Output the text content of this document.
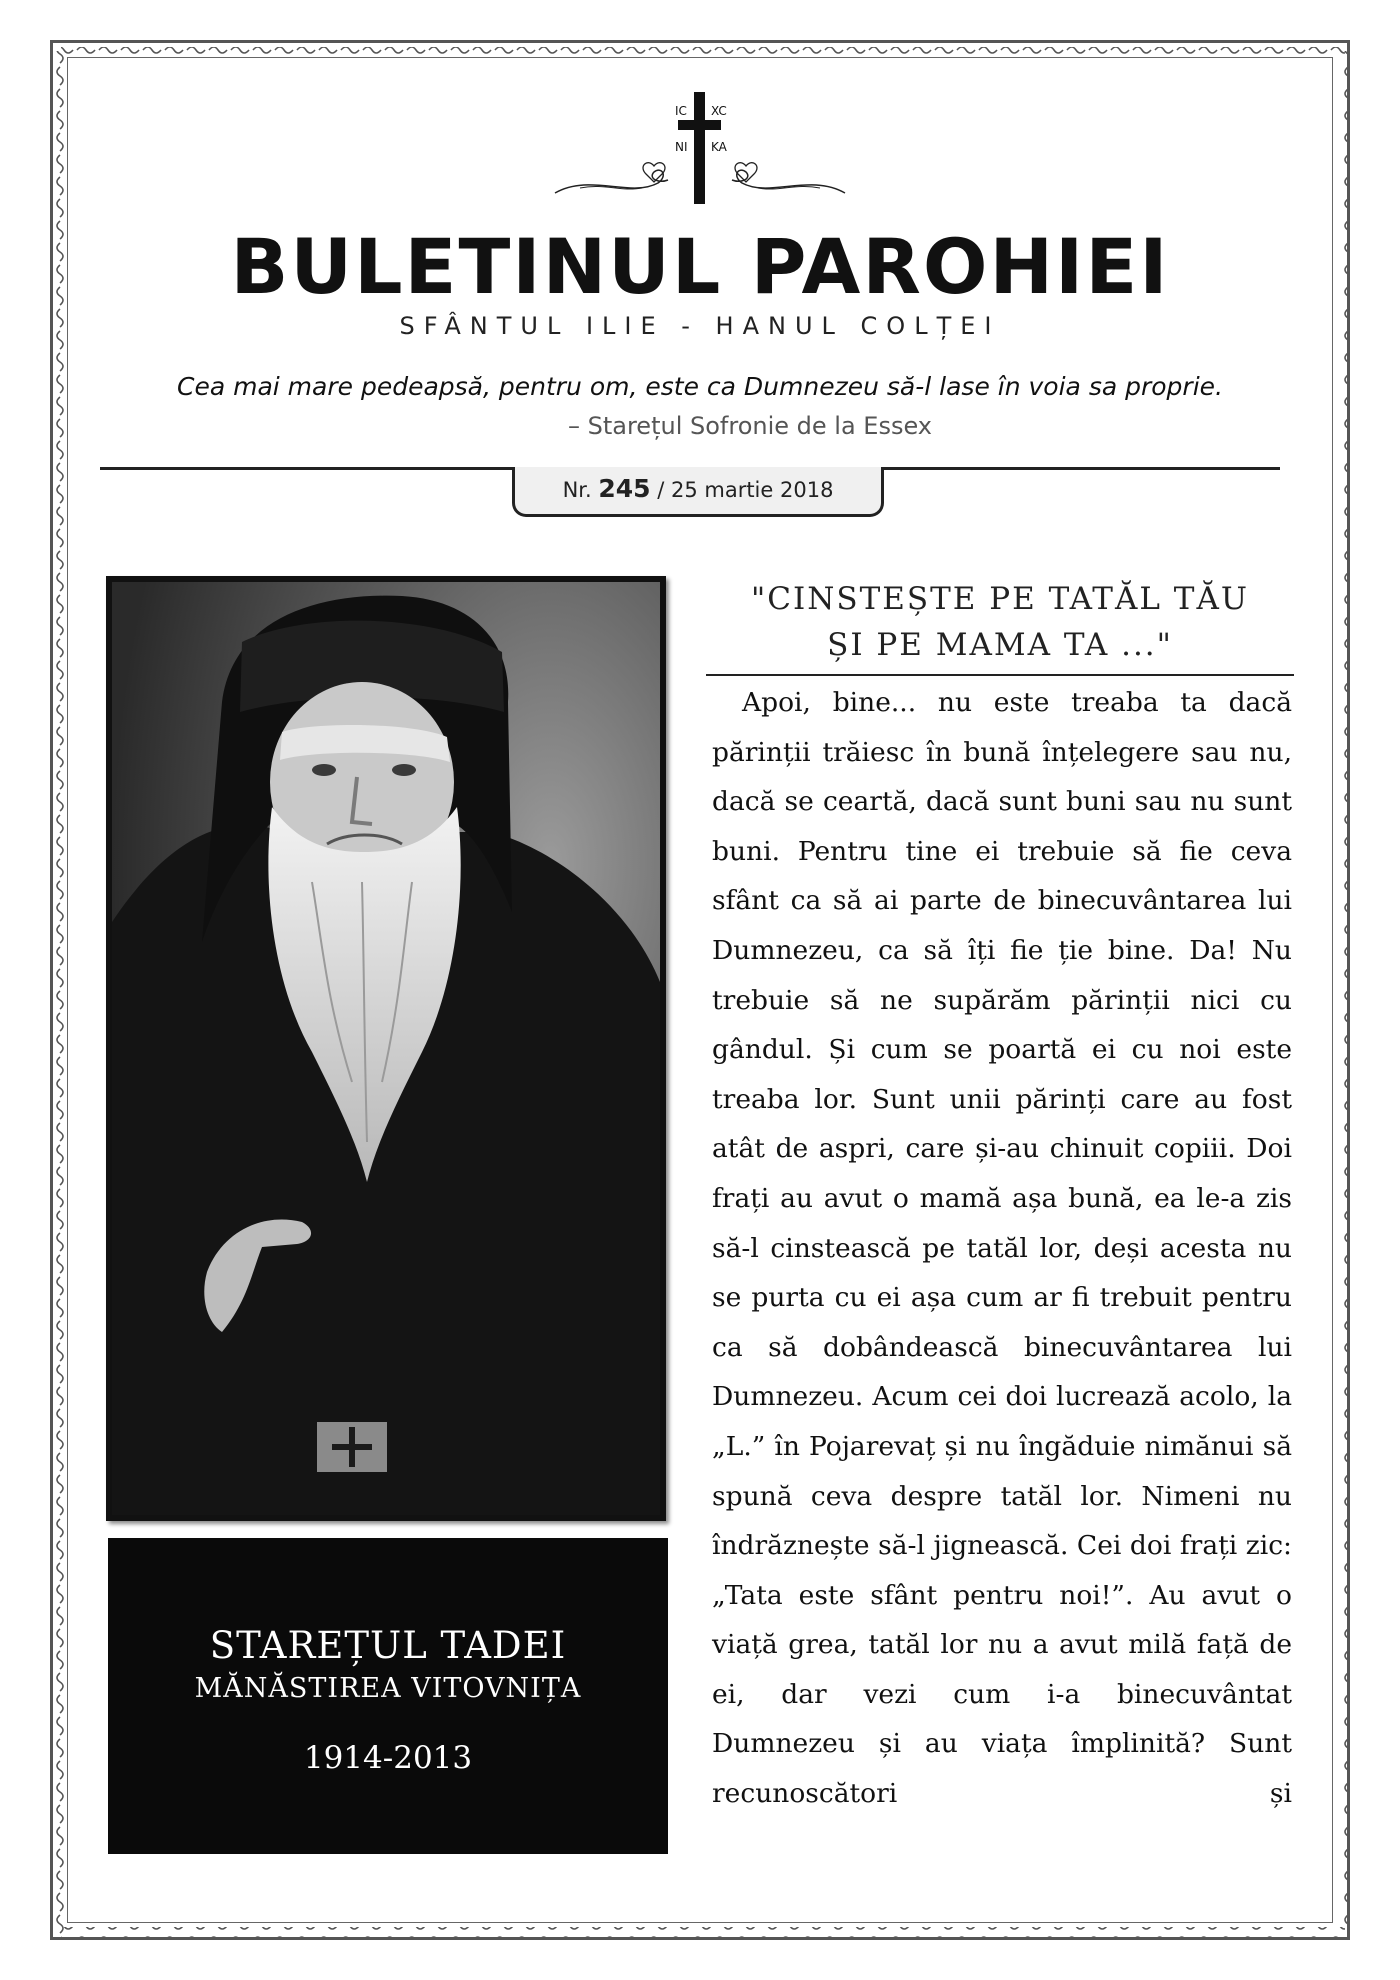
IC XC
NI KA
BULETINUL PAROHIEI
SFÂNTUL ILIE - HANUL COLȚEI
Cea mai mare pedeapsă, pentru om, este ca Dumnezeu să-l lase în voia sa proprie.
– Starețul Sofronie de la Essex
Nr. 245 / 25 martie 2018
STAREȚUL TADEI
MĂNĂSTIREA VITOVNIȚA
1914-2013
"CINSTEȘTE PE TATĂL TĂU
ȘI PE MAMA TA ..."

Apoi, bine... nu este treaba ta dacă părinții trăiesc în bună înțelegere sau nu, dacă se ceartă, dacă sunt buni sau nu sunt buni. Pentru tine ei trebuie să fie ceva sfânt ca să ai parte de binecuvântarea lui Dumnezeu, ca să îți fie ție bine. Da! Nu trebuie să ne supărăm părinții nici cu gândul. Și cum se poartă ei cu noi este treaba lor. Sunt unii părinți care au fost atât de aspri, care și-au chinuit copiii. Doi frați au avut o mamă așa bună, ea le-a zis să-l cinstească pe tatăl lor, deși acesta nu se purta cu ei așa cum ar fi trebuit pentru ca să dobândească binecuvântarea lui Dumnezeu. Acum cei doi lucrează acolo, la „L.” în Pojarevaț și nu îngăduie nimănui să spună ceva despre tatăl lor. Nimeni nu îndrăznește să-l jignească. Cei doi frați zic: „Tata este sfânt pentru noi!”. Au avut o viață grea, tatăl lor nu a avut milă față de ei, dar vezi cum i-a binecuvântat Dumnezeu și au viața împlinită? Sunt recunoscători și
